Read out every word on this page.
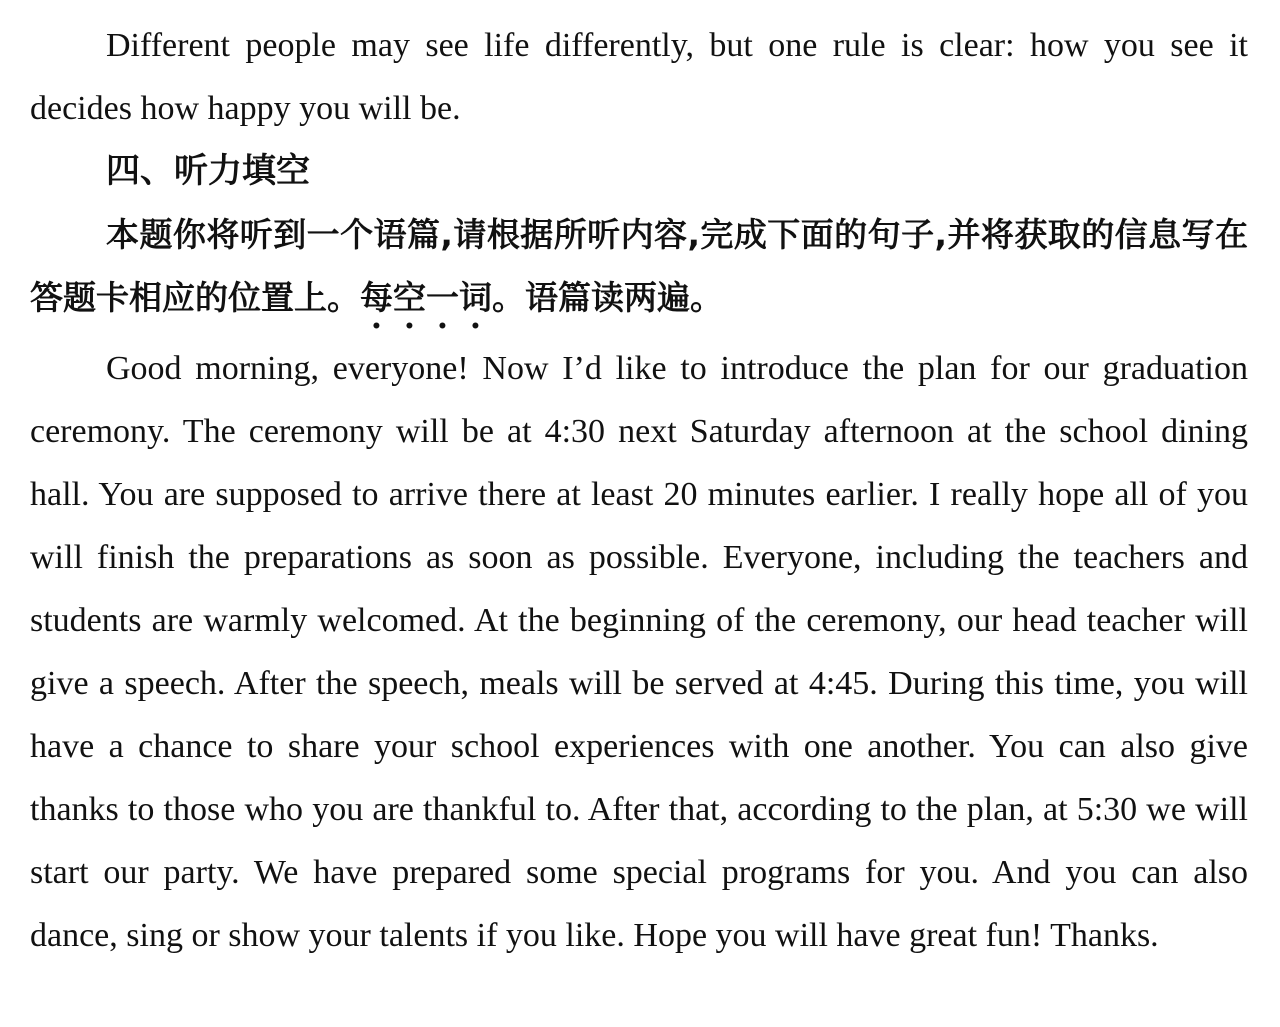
Different people may see life differently, but one rule is clear: how you see it decides how happy you will be.

四、听力填空

本题你将听到一个语篇,请根据所听内容,完成下面的句子,并将获取的信息写在答题卡相应的位置上。每空一词。语篇读两遍。

Good morning, everyone! Now I’d like to introduce the plan for our graduation ceremony. The ceremony will be at 4:30 next Saturday afternoon at the school dining hall. You are supposed to arrive there at least 20 minutes earlier. I really hope all of you will finish the preparations as soon as possible. Everyone, including the teachers and students are warmly welcomed. At the beginning of the ceremony, our head teacher will give a speech. After the speech, meals will be served at 4:45. During this time, you will have a chance to share your school experiences with one another. You can also give thanks to those who you are thankful to. After that, according to the plan, at 5:30 we will start our party. We have prepared some special programs for you. And you can also dance, sing or show your talents if you like. Hope you will have great fun! Thanks.
